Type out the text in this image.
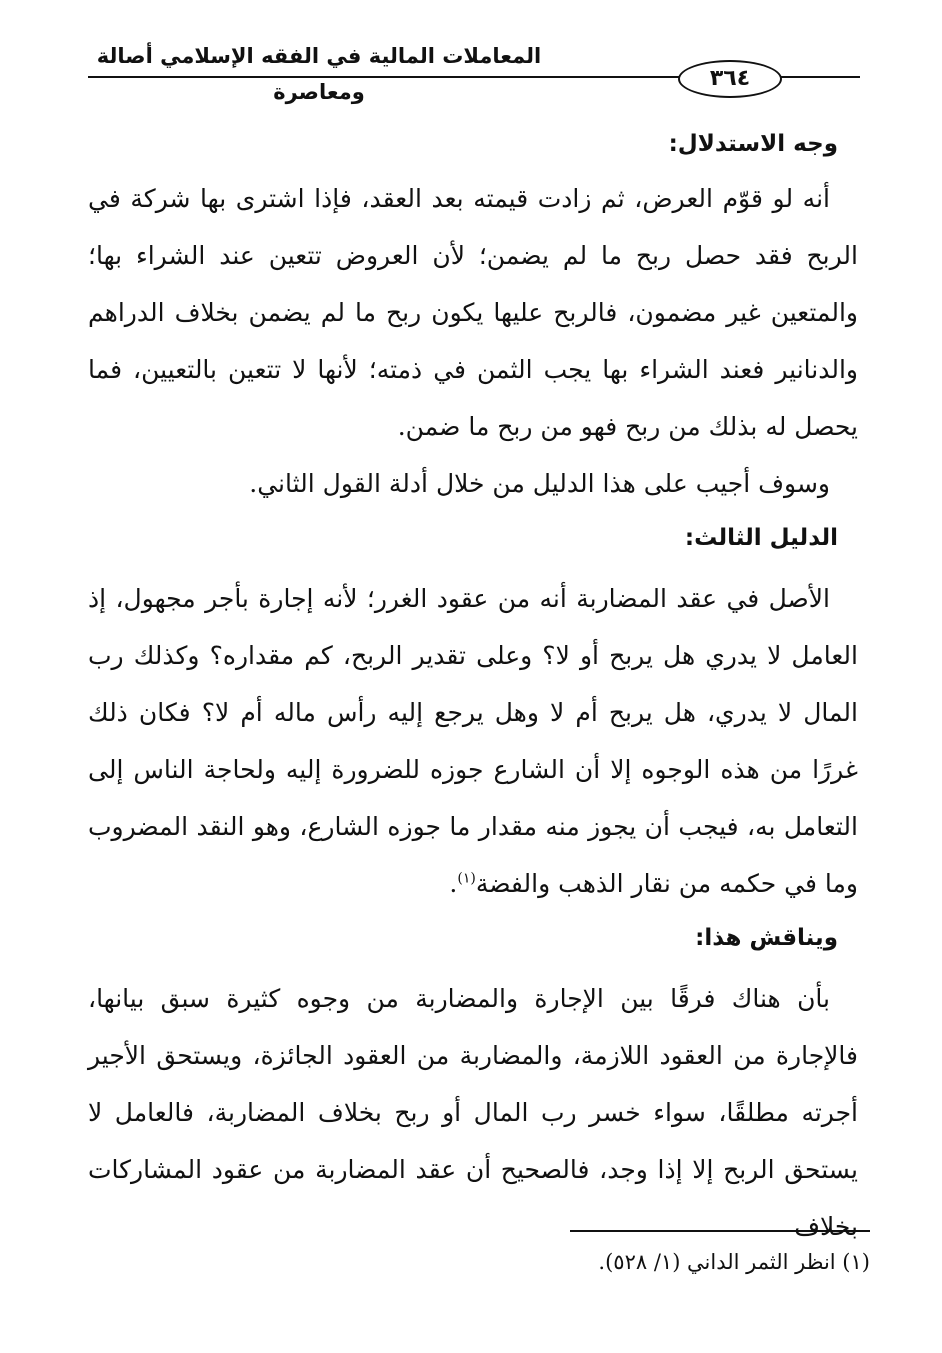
المعاملات المالية في الفقه الإسلامي أصالة ومعاصرة
٣٦٤

وجه الاستدلال:

أنه لو قوّم العرض، ثم زادت قيمته بعد العقد، فإذا اشترى بها شركة في الربح فقد حصل ربح ما لم يضمن؛ لأن العروض تتعين عند الشراء بها؛ والمتعين غير مضمون، فالربح عليها يكون ربح ما لم يضمن بخلاف الدراهم والدنانير فعند الشراء بها يجب الثمن في ذمته؛ لأنها لا تتعين بالتعيين، فما يحصل له بذلك من ربح فهو من ربح ما ضمن.

وسوف أجيب على هذا الدليل من خلال أدلة القول الثاني.

الدليل الثالث:

الأصل في عقد المضاربة أنه من عقود الغرر؛ لأنه إجارة بأجر مجهول، إذ العامل لا يدري هل يربح أو لا؟ وعلى تقدير الربح، كم مقداره؟ وكذلك رب المال لا يدري، هل يربح أم لا وهل يرجع إليه رأس ماله أم لا؟ فكان ذلك غررًا من هذه الوجوه إلا أن الشارع جوزه للضرورة إليه ولحاجة الناس إلى التعامل به، فيجب أن يجوز منه مقدار ما جوزه الشارع، وهو النقد المضروب وما في حكمه من نقار الذهب والفضة$^{(١)}$.

ويناقش هذا:

بأن هناك فرقًا بين الإجارة والمضاربة من وجوه كثيرة سبق بيانها، فالإجارة من العقود اللازمة، والمضاربة من العقود الجائزة، ويستحق الأجير أجرته مطلقًا، سواء خسر رب المال أو ربح بخلاف المضاربة، فالعامل لا يستحق الربح إلا إذا وجد، فالصحيح أن عقد المضاربة من عقود المشاركات بخلاف

(١) انظر الثمر الداني (١/ ٥٢٨).
